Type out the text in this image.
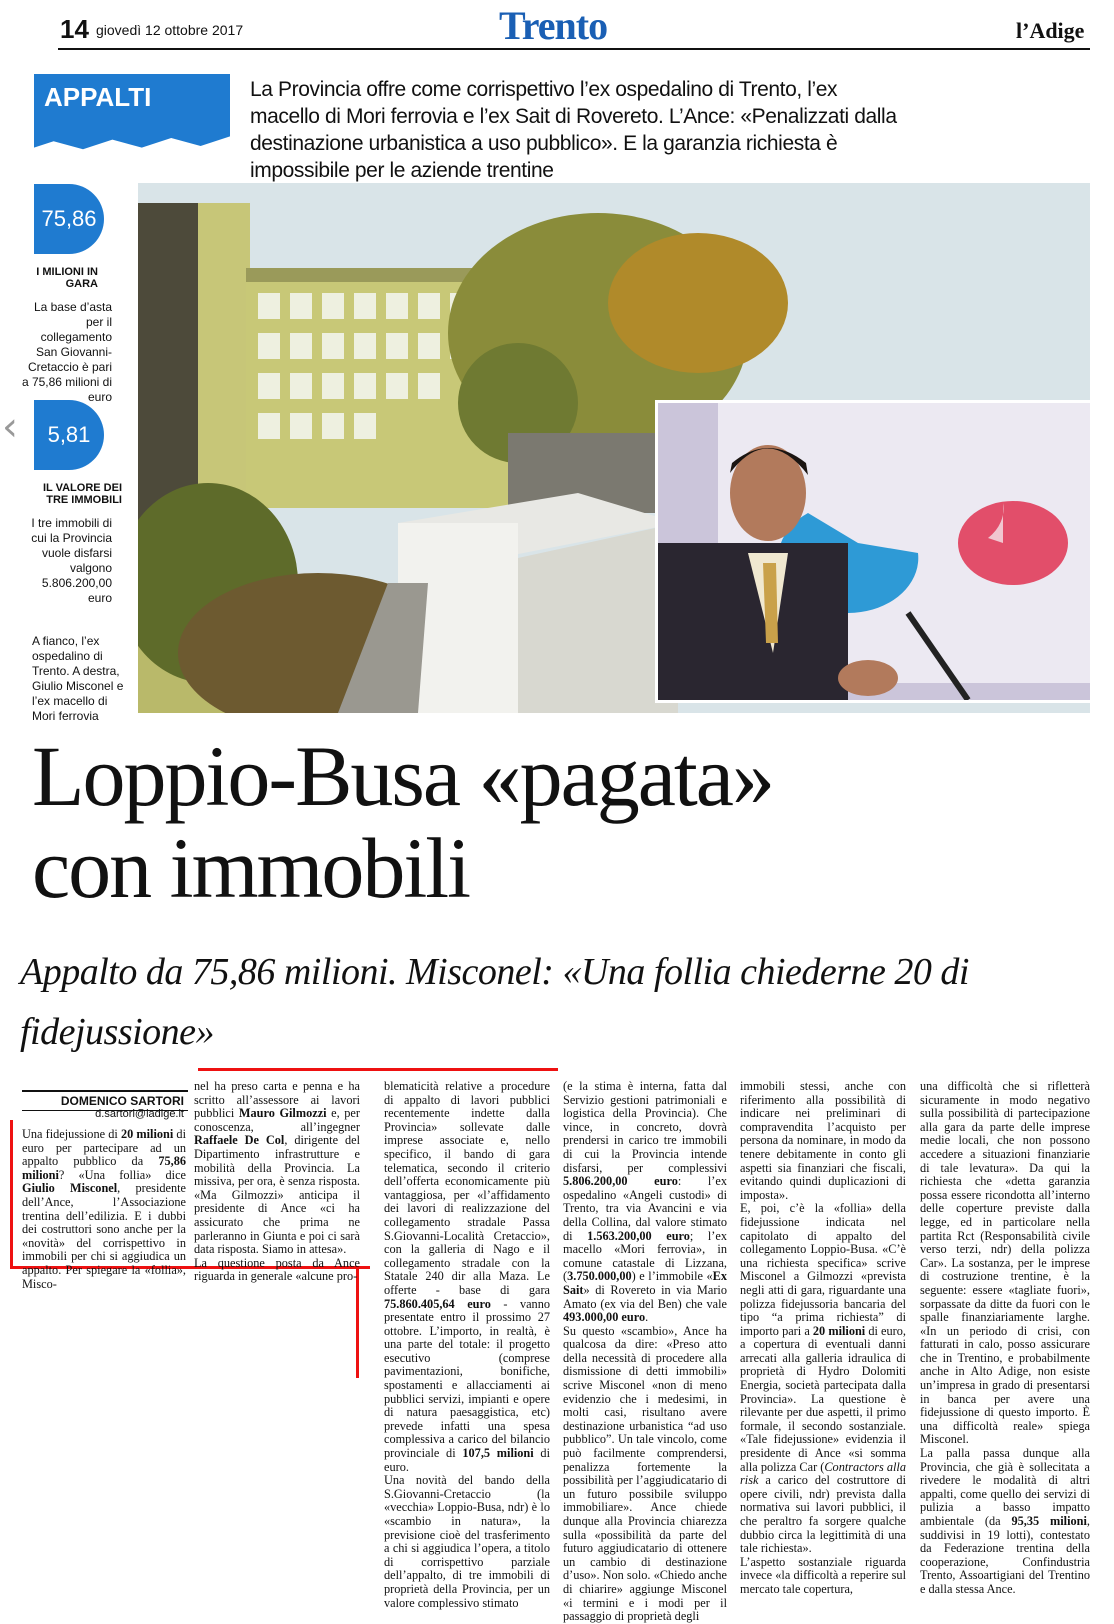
14 giovedì 12 ottobre 2017	Trento	l’Adige
APPALTI	La Provincia offre come corrispettivo l’ex ospedalino di Trento, l’ex macello di Mori ferrovia e l’ex Sait di Rovereto. L’Ance: «Penalizzati dalla destinazione urbanistica a uso pubblico». E la garanzia richiesta è impossibile per le aziende trentine
75,86
I MILIONI IN GARA
La base d’asta per il collegamento San Giovanni-Cretaccio è pari a 75,86 milioni di euro
‹	5,81
IL VALORE DEI TRE IMMOBILI
I tre immobili di cui la Provincia vuole disfarsi valgono 5.806.200,00 euro
A fianco, l’ex ospedalino di Trento. A destra, Giulio Misconel e l’ex macello di Mori ferrovia
Loppio-Busa «pagata»
con immobili
Appalto da 75,86 milioni. Misconel: «Una follia chiederne 20 di fidejussione»
DOMENICO SARTORI
d.sartori@ladige.it
Una fidejussione di 20 milioni di euro per partecipare ad un appalto pubblico da 75,86 milioni? «Una follia» dice Giulio Misconel, presidente dell’Ance, l’Associazione trentina dell’edilizia. E i dubbi dei costruttori sono anche per la «novità» del corrispettivo in immobili per chi si aggiudica un appalto. Per spiegare la «follia», Misco-
nel ha preso carta e penna e ha scritto all’assessore ai lavori pubblici Mauro Gilmozzi e, per conoscenza, all’ingegner Raffaele De Col, dirigente del Dipartimento infrastrutture e mobilità della Provincia. La missiva, per ora, è senza risposta. «Ma Gilmozzi» anticipa il presidente di Ance «ci ha assicurato che prima ne parleranno in Giunta e poi ci sarà data risposta. Siamo in attesa».
La questione posta da Ance riguarda in generale «alcune pro-
blematicità relative a procedure di appalto di lavori pubblici recentemente indette dalla Provincia» sollevate dalle imprese associate e, nello specifico, il bando di gara telematica, secondo il criterio dell’offerta economicamente più vantaggiosa, per «l’affidamento dei lavori di realizzazione del collegamento stradale Passa S.Giovanni-Località Cretaccio», con la galleria di Nago e il collegamento stradale con la Statale 240 dir alla Maza. Le offerte - base di gara 75.860.405,64 euro - vanno presentate entro il prossimo 27 ottobre. L’importo, in realtà, è una parte del totale: il progetto esecutivo (comprese pavimentazioni, bonifiche, spostamenti e allacciamenti ai pubblici servizi, impianti e opere di natura paesaggistica, etc) prevede infatti una spesa complessiva a carico del bilancio provinciale di 107,5 milioni di euro.
Una novità del bando della S.Giovanni-Cretaccio (la «vecchia» Loppio-Busa, ndr) è lo «scambio in natura», la previsione cioè del trasferimento a chi si aggiudica l’opera, a titolo di corrispettivo parziale dell’appalto, di tre immobili di proprietà della Provincia, per un valore complessivo stimato
(e la stima è interna, fatta dal Servizio gestioni patrimoniali e logistica della Provincia). Che vince, in concreto, dovrà prendersi in carico tre immobili di cui la Provincia intende disfarsi, per complessivi 5.806.200,00 euro: l’ex ospedalino «Angeli custodi» di Trento, tra via Avancini e via della Collina, dal valore stimato di 1.563.200,00 euro; l’ex macello «Mori ferrovia», in comune catastale di Lizzana, (3.750.000,00) e l’immobile «Ex Sait» di Rovereto in via Mario Amato (ex via del Ben) che vale 493.000,00 euro.
Su questo «scambio», Ance ha qualcosa da dire: «Preso atto della necessità di procedere alla dismissione di detti immobili» scrive Misconel «non di meno evidenzio che i medesimi, in molti casi, risultano avere destinazione urbanistica “ad uso pubblico”. Un tale vincolo, come può facilmente comprendersi, penalizza fortemente la possibilità per l’aggiudicatario di un futuro possibile sviluppo immobiliare». Ance chiede dunque alla Provincia chiarezza sulla «possibilità da parte del futuro aggiudicatario di ottenere un cambio di destinazione d’uso». Non solo. «Chiedo anche di chiarire» aggiunge Misconel «i termini e i modi per il passaggio di proprietà degli
immobili stessi, anche con riferimento alla possibilità di indicare nei preliminari di compravendita l’acquisto per persona da nominare, in modo da tenere debitamente in conto gli aspetti sia finanziari che fiscali, evitando quindi duplicazioni di imposta».
E, poi, c’è la «follia» della fidejussione indicata nel capitolato di appalto del collegamento Loppio-Busa. «C’è una richiesta specifica» scrive Misconel a Gilmozzi «prevista negli atti di gara, riguardante una polizza fidejussoria bancaria del tipo “a prima richiesta” di importo pari a 20 milioni di euro, a copertura di eventuali danni arrecati alla galleria idraulica di proprietà di Hydro Dolomiti Energia, società partecipata dalla Provincia». La questione è rilevante per due aspetti, il primo formale, il secondo sostanziale. «Tale fidejussione» evidenzia il presidente di Ance «si somma alla polizza Car (Contractors alla risk a carico del costruttore di opere civili, ndr) prevista dalla normativa sui lavori pubblici, il che peraltro fa sorgere qualche dubbio circa la legittimità di una tale richiesta».
L’aspetto sostanziale riguarda invece «la difficoltà a reperire sul mercato tale copertura,
una difficoltà che si rifletterà sicuramente in modo negativo sulla possibilità di partecipazione alla gara da parte delle imprese medie locali, che non possono accedere a situazioni finanziarie di tale levatura». Da qui la richiesta che «detta garanzia possa essere ricondotta all’interno delle coperture previste dalla legge, ed in particolare nella partita Rct (Responsabilità civile verso terzi, ndr) della polizza Car». La sostanza, per le imprese di costruzione trentine, è la seguente: essere «tagliate fuori», sorpassate da ditte da fuori con le spalle finanziariamente larghe. «In un periodo di crisi, con fatturati in calo, posso assicurare che in Trentino, e probabilmente anche in Alto Adige, non esiste un’impresa in grado di presentarsi in banca per avere una fidejussione di questo importo. È una difficoltà reale» spiega Misconel.
La palla passa dunque alla Provincia, che già è sollecitata a rivedere le modalità di altri appalti, come quello dei servizi di pulizia a basso impatto ambientale (da 95,35 milioni, suddivisi in 19 lotti), contestato da Federazione trentina della cooperazione, Confindustria Trento, Assoartigiani del Trentino e dalla stessa Ance.
